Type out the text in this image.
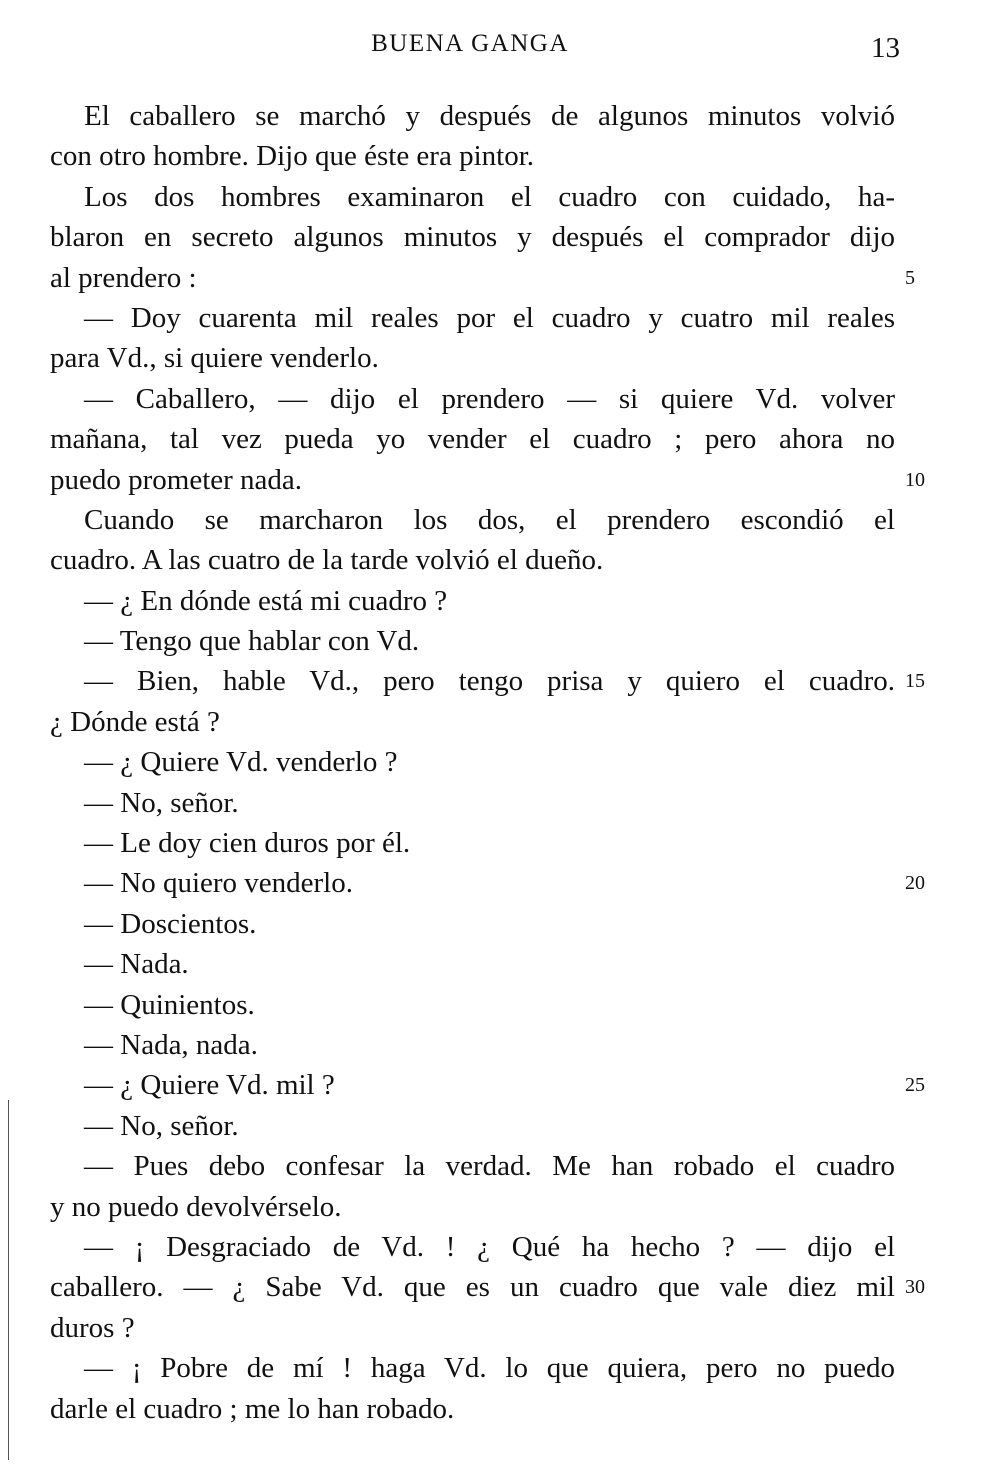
BUENA GANGA	13
El caballero se marchó y después de algunos minutos volvió
con otro hombre. Dijo que éste era pintor.
Los dos hombres examinaron el cuadro con cuidado, ha-
blaron en secreto algunos minutos y después el comprador dijo
al prendero :	5
— Doy cuarenta mil reales por el cuadro y cuatro mil reales
para Vd., si quiere venderlo.
— Caballero, — dijo el prendero — si quiere Vd. volver
mañana, tal vez pueda yo vender el cuadro ; pero ahora no
puedo prometer nada.	10
Cuando se marcharon los dos, el prendero escondió el
cuadro. A las cuatro de la tarde volvió el dueño.
— ¿ En dónde está mi cuadro ?
— Tengo que hablar con Vd.
— Bien, hable Vd., pero tengo prisa y quiero el cuadro. 15
¿ Dónde está ?
— ¿ Quiere Vd. venderlo ?
— No, señor.
— Le doy cien duros por él.
— No quiero venderlo.	20
— Doscientos.
— Nada.
— Quinientos.
— Nada, nada.
— ¿ Quiere Vd. mil ?	25
— No, señor.
— Pues debo confesar la verdad. Me han robado el cuadro
y no puedo devolvérselo.
— ¡ Desgraciado de Vd. ! ¿ Qué ha hecho ? — dijo el
caballero. — ¿ Sabe Vd. que es un cuadro que vale diez mil 30
duros ?
— ¡ Pobre de mí ! haga Vd. lo que quiera, pero no puedo
darle el cuadro ; me lo han robado.
